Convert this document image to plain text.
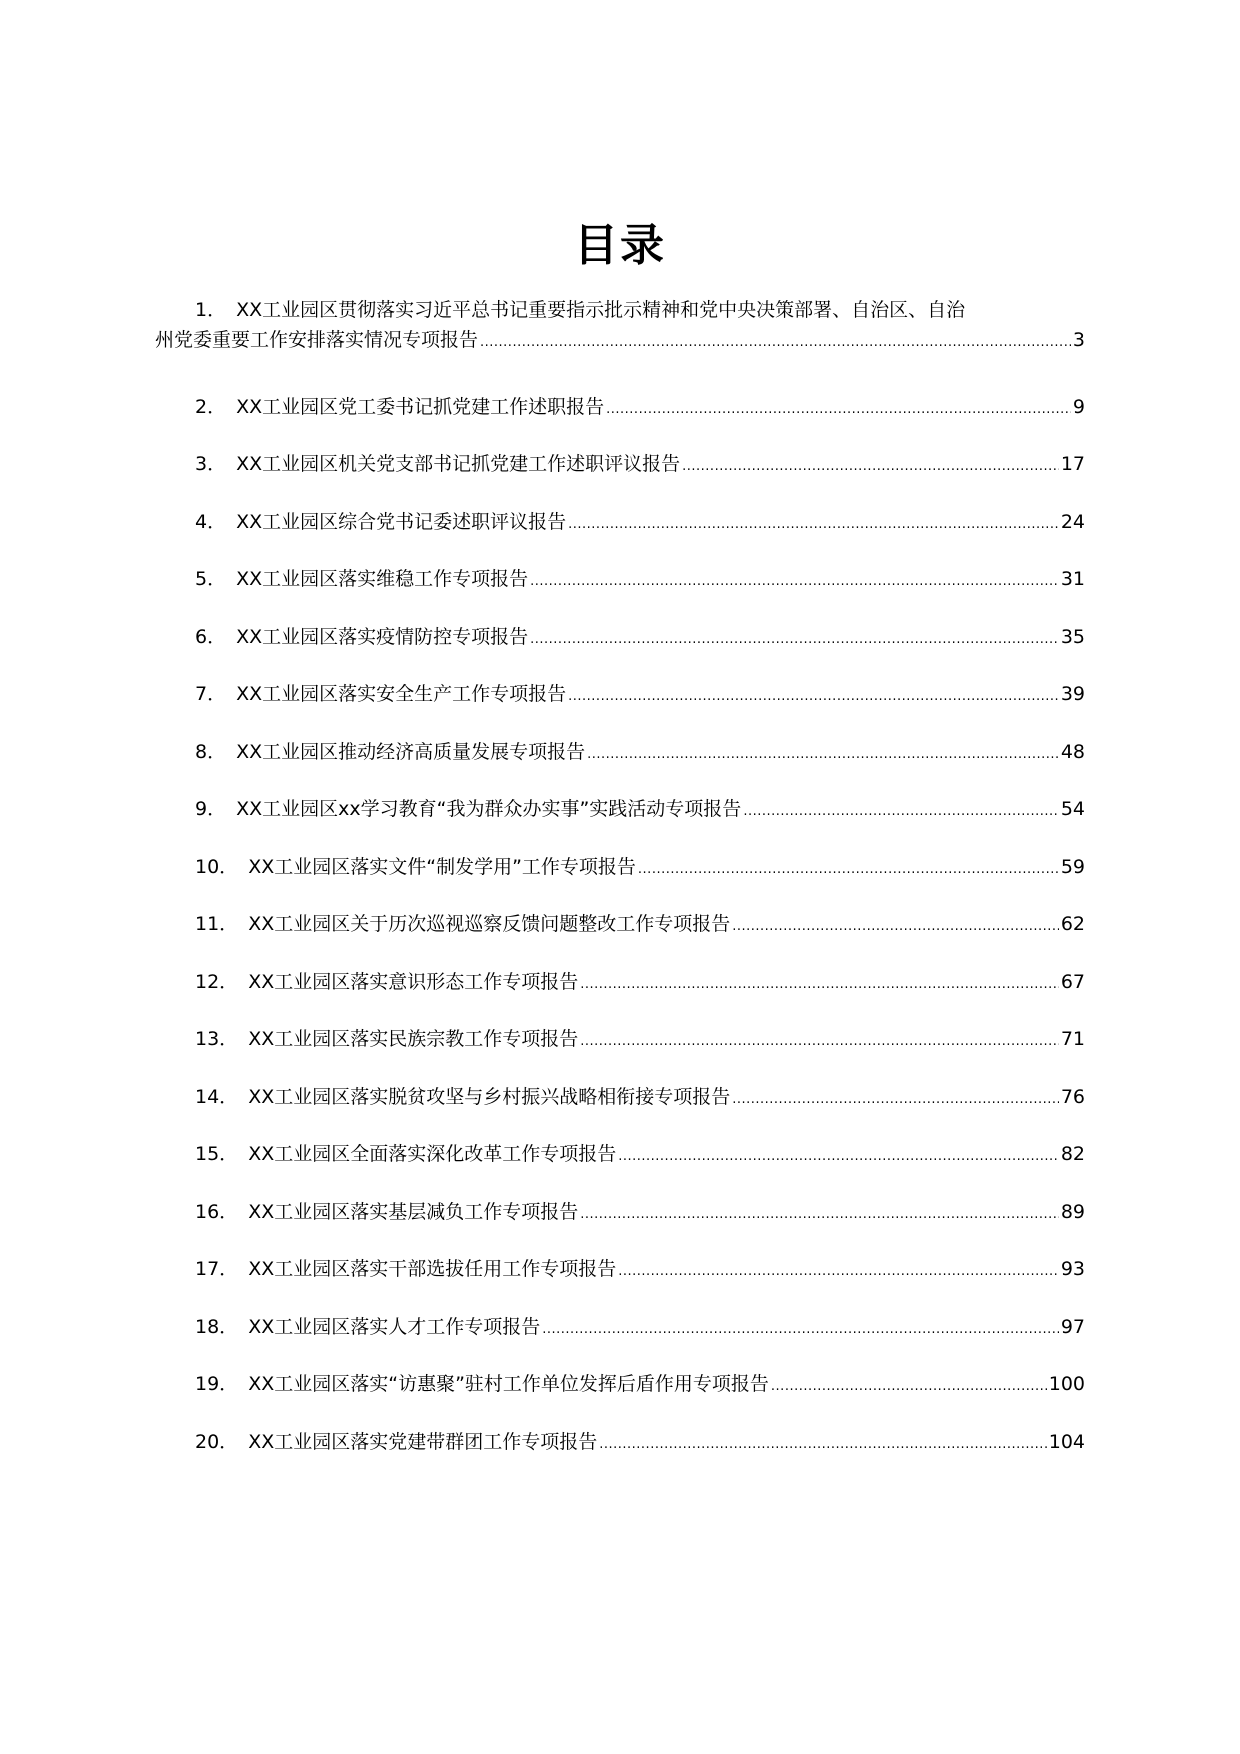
目录
1． XX工业园区贯彻落实习近平总书记重要指示批示精神和党中央决策部署、自治区、自治
州党委重要工作安排落实情况专项报告 .....	3
2． XX工业园区党工委书记抓党建工作述职报告 .....	9
3． XX工业园区机关党支部书记抓党建工作述职评议报告 .....	17
4． XX工业园区综合党书记委述职评议报告 .....	24
5． XX工业园区落实维稳工作专项报告 .....	31
6． XX工业园区落实疫情防控专项报告 .....	35
7． XX工业园区落实安全生产工作专项报告 .....	39
8． XX工业园区推动经济高质量发展专项报告 .....	48
9． XX工业园区xx学习教育“我为群众办实事”实践活动专项报告 .....	54
10． XX工业园区落实文件“制发学用”工作专项报告 .....	59
11． XX工业园区关于历次巡视巡察反馈问题整改工作专项报告 .....	62
12． XX工业园区落实意识形态工作专项报告 .....	67
13． XX工业园区落实民族宗教工作专项报告 .....	71
14． XX工业园区落实脱贫攻坚与乡村振兴战略相衔接专项报告 .....	76
15． XX工业园区全面落实深化改革工作专项报告 .....	82
16． XX工业园区落实基层减负工作专项报告 .....	89
17． XX工业园区落实干部选拔任用工作专项报告 .....	93
18． XX工业园区落实人才工作专项报告 .....	97
19． XX工业园区落实“访惠聚”驻村工作单位发挥后盾作用专项报告 .....	100
20． XX工业园区落实党建带群团工作专项报告 .....	104
